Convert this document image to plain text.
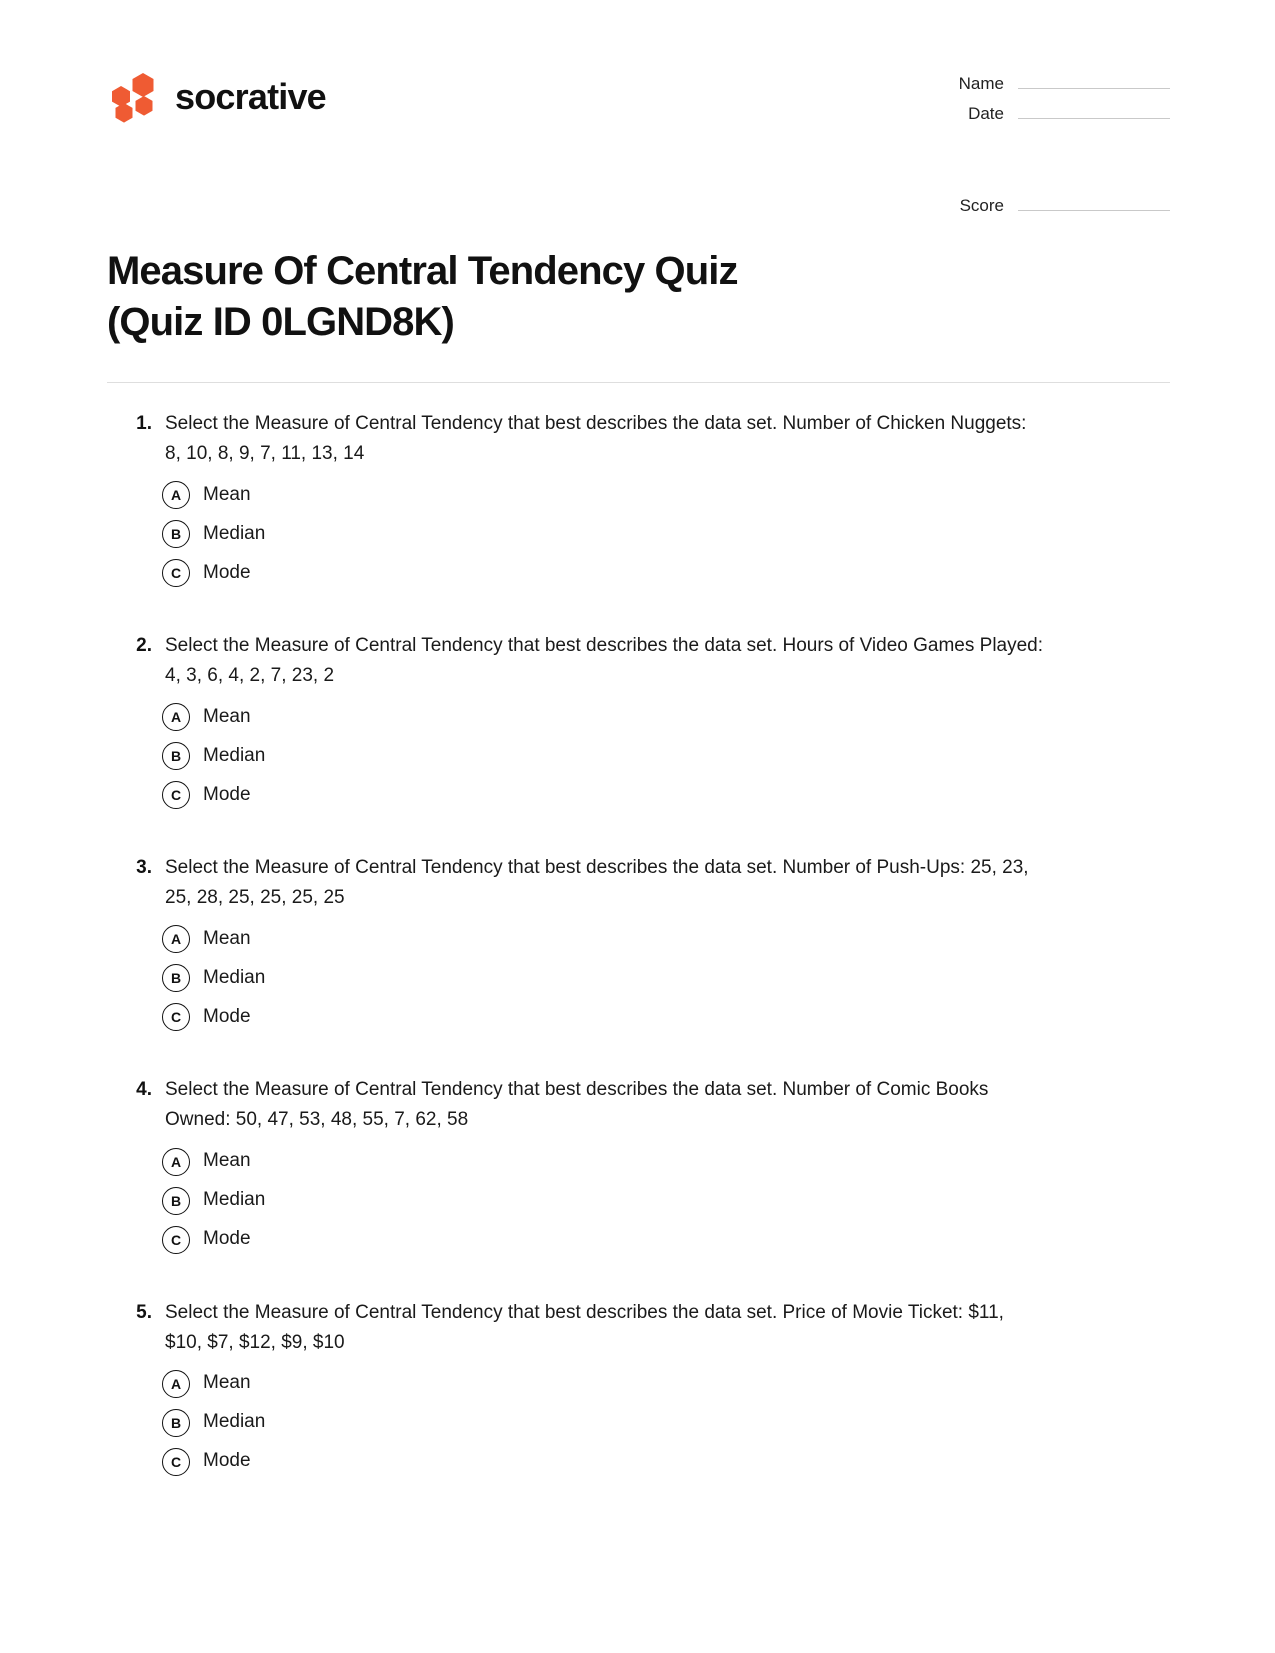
socrative	Name
Date
Score
Measure Of Central Tendency Quiz (Quiz ID 0LGND8K)
1. Select the Measure of Central Tendency that best describes the data set. Number of Chicken Nuggets: 8, 10, 8, 9, 7, 11, 13, 14
A	Mean
B	Median
C	Mode
2. Select the Measure of Central Tendency that best describes the data set. Hours of Video Games Played: 4, 3, 6, 4, 2, 7, 23, 2
A	Mean
B	Median
C	Mode
3. Select the Measure of Central Tendency that best describes the data set. Number of Push-Ups: 25, 23, 25, 28, 25, 25, 25, 25
A	Mean
B	Median
C	Mode
4. Select the Measure of Central Tendency that best describes the data set. Number of Comic Books Owned: 50, 47, 53, 48, 55, 7, 62, 58
A	Mean
B	Median
C	Mode
5. Select the Measure of Central Tendency that best describes the data set. Price of Movie Ticket: $11, $10, $7, $12, $9, $10
A	Mean
B	Median
C	Mode
